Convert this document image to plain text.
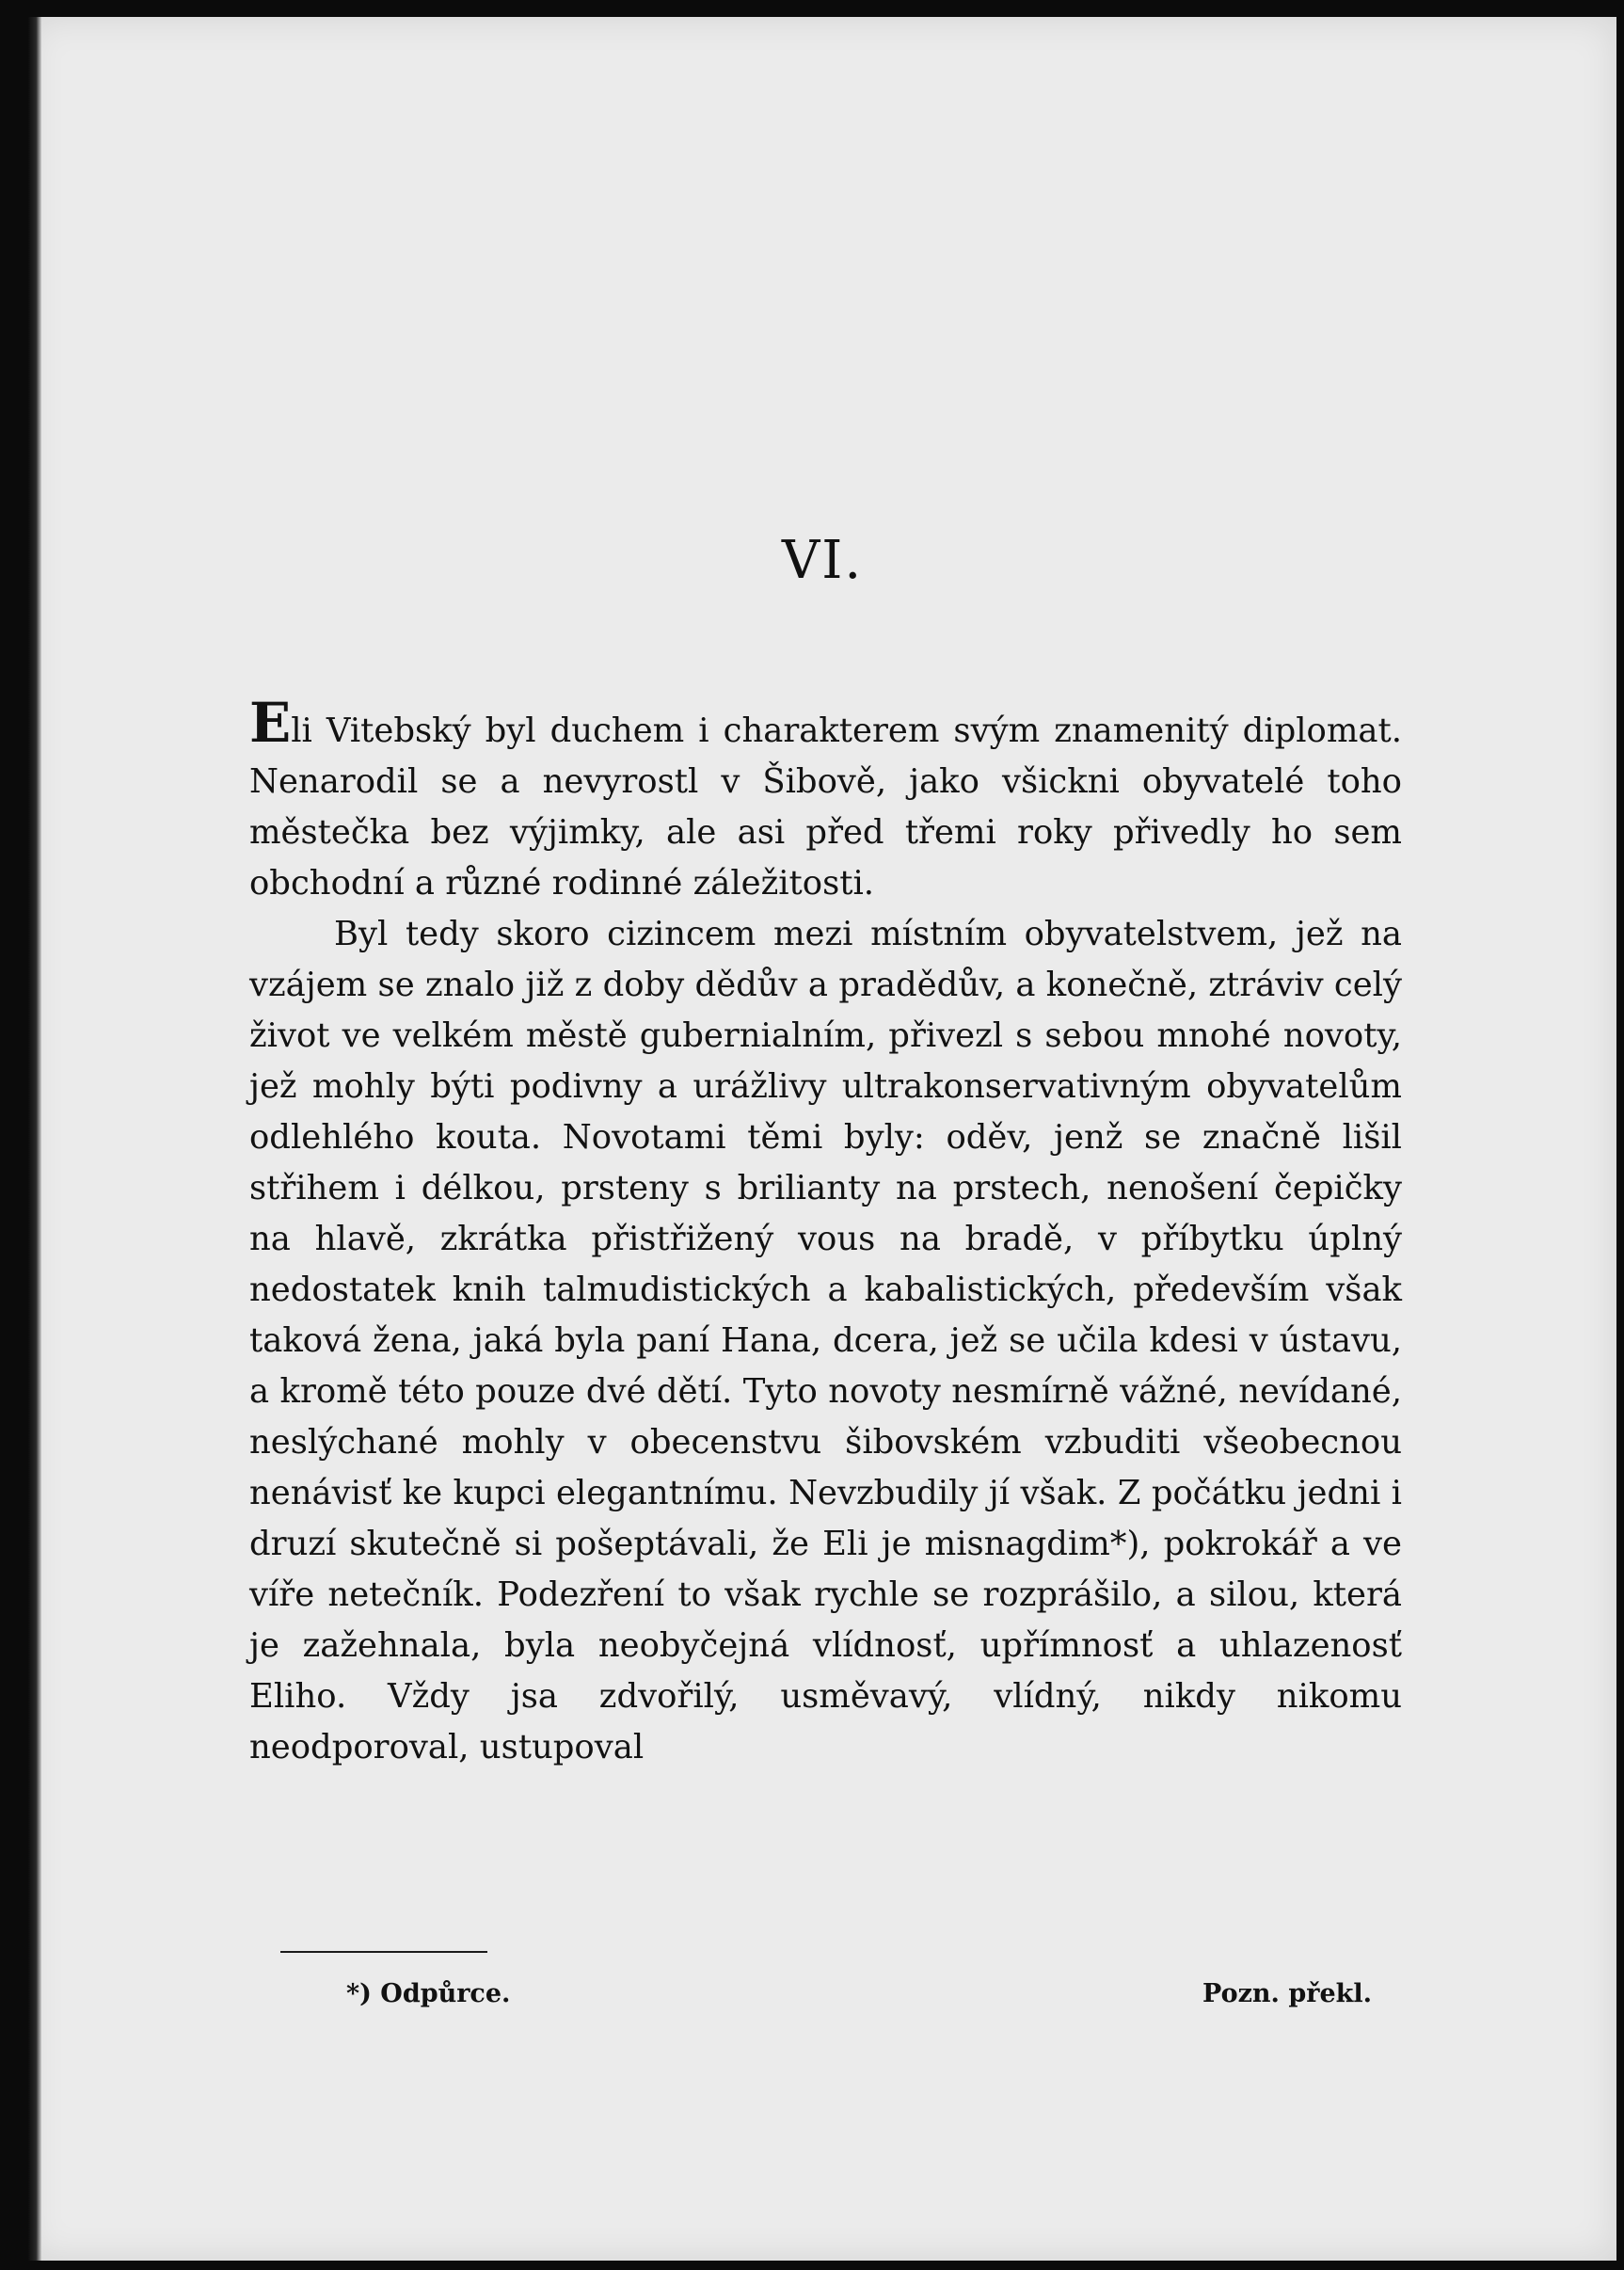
VI.

Eli Vitebský byl duchem i charakterem svým znamenitý diplomat. Nenarodil se a nevyrostl v Šibově, jako všickni obyvatelé toho městečka bez výjimky, ale asi před třemi roky přivedly ho sem obchodní a různé rodinné záležitosti.

Byl tedy skoro cizincem mezi místním obyvatelstvem, jež na vzájem se znalo již z doby dědův a pradědův, a konečně, ztráviv celý život ve velkém městě gubernialním, přivezl s sebou mnohé novoty, jež mohly býti podivny a urážlivy ultrakonservativným obyvatelům odlehlého kouta. Novotami těmi byly: oděv, jenž se značně lišil střihem i délkou, prsteny s brilianty na prstech, nenošení čepičky na hlavě, zkrátka přistřižený vous na bradě, v příbytku úplný nedostatek knih talmudistických a kabalistických, především však taková žena, jaká byla paní Hana, dcera, jež se učila kdesi v ústavu, a kromě této pouze dvé dětí. Tyto novoty nesmírně vážné, nevídané, neslýchané mohly v obecenstvu šibovském vzbuditi všeobecnou nenávisť ke kupci elegantnímu. Nevzbudily jí však. Z počátku jedni i druzí skutečně si pošeptávali, že Eli je misnagdim*), pokrokář a ve víře netečník. Podezření to však rychle se rozprášilo, a silou, která je zažehnala, byla neobyčejná vlídnosť, upřímnosť a uhlazenosť Eliho. Vždy jsa zdvořilý, usměvavý, vlídný, nikdy nikomu neodporoval, ustupoval

*) Odpůrce.	Pozn. překl.
